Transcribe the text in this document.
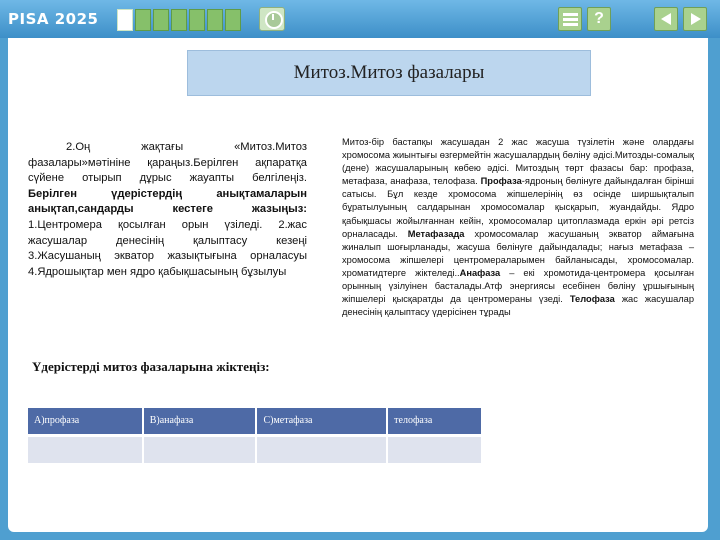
PISA 2025	?
Митоз.Митоз фазалары

2.Оң жақтағы «Митоз.Митоз фазалары»мәтініне қараңыз.Берілген ақпаратқа сүйене отырып дұрыс жауапты белгілеңіз.

Берілген үдерістердің анықтамаларын анықтап,сандарды кестеге жазыңыз:

1.Центромера қосылған орын үзіледі. 2.жас жасушалар денесінің қалыптасу кезеңі

3.Жасушаның экватор жазықтығына орналасуы

4.Ядрошықтар мен ядро қабықшасының бұзылуы

Үдерістерді митоз фазаларына жіктеңіз:
Митоз-бір бастапқы жасушадан 2 жас жасуша түзілетін және олардағы хромосома жиынтығы өзгермейтін жасушалардың бөліну әдісі.Митозды-сомалық (дене) жасушаларының көбею әдісі. Митоздың төрт фазасы бар: профаза, метафаза, анафаза, телофаза. Профаза-ядроның бөлінуге дайындалған бірінші сатысы. Бұл кезде хромосома жіпшелерінің өз осінде ширшықталып бұратылуының салдарынан хромосомалар қысқарып, жуандайды. Ядро қабықшасы жойылғаннан кейін, хромосомалар цитоплазмада еркін әрі ретсіз орналасады. Метафазада хромосомалар жасушаның экватор аймағына жиналып шоғырланады, жасуша бөлінуге дайындалады; нағыз метафаза – хромосома жіпшелері центромераларымен байланысады, хромосомалар. хроматидтерге жіктеледі..Анафаза – екі хромотида-центромера қосылған орынның үзілуінен басталады.Атф энергиясы есебінен бөліну ұршығының жіпшелері қысқаратды да центромераны үзеді. Телофаза жас жасушалар денесінің қалыптасу үдерісінен тұрады
А)профаза	В)анафаза	С)метафаза	телофаза
